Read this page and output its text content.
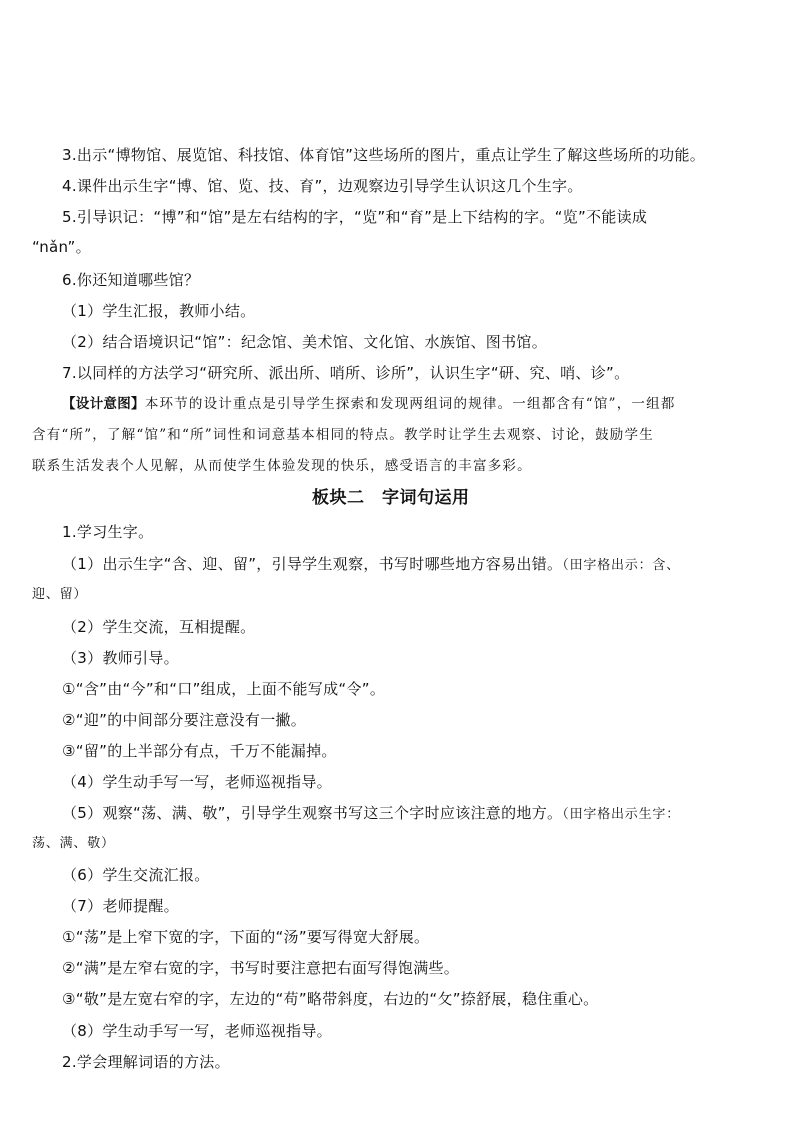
3.出示“博物馆、展览馆、科技馆、体育馆”这些场所的图片，重点让学生了解这些场所的功能。
4.课件出示生字“博、馆、览、技、育”，边观察边引导学生认识这几个生字。
5.引导识记：“博”和“馆”是左右结构的字，“览”和“育”是上下结构的字。“览”不能读成
“nǎn”。
6.你还知道哪些馆？
（1）学生汇报，教师小结。
（2）结合语境识记“馆”：纪念馆、美术馆、文化馆、水族馆、图书馆。
7.以同样的方法学习“研究所、派出所、哨所、诊所”，认识生字“研、究、哨、诊”。
【设计意图】本环节的设计重点是引导学生探索和发现两组词的规律。一组都含有“馆”，一组都
含有“所”，了解“馆”和“所”词性和词意基本相同的特点。教学时让学生去观察、讨论，鼓励学生
联系生活发表个人见解，从而使学生体验发现的快乐，感受语言的丰富多彩。
板块二　字词句运用
1.学习生字。
（1）出示生字“含、迎、留”，引导学生观察，书写时哪些地方容易出错。（田字格出示：含、
迎、留）
（2）学生交流，互相提醒。
（3）教师引导。
①“含”由“今”和“口”组成，上面不能写成“令”。
②“迎”的中间部分要注意没有一撇。
③“留”的上半部分有点，千万不能漏掉。
（4）学生动手写一写，老师巡视指导。
（5）观察“荡、满、敬”，引导学生观察书写这三个字时应该注意的地方。（田字格出示生字：
荡、满、敬）
（6）学生交流汇报。
（7）老师提醒。
①“荡”是上窄下宽的字，下面的“汤”要写得宽大舒展。
②“满”是左窄右宽的字，书写时要注意把右面写得饱满些。
③“敬”是左宽右窄的字，左边的“苟”略带斜度，右边的“攵”捺舒展，稳住重心。
（8）学生动手写一写，老师巡视指导。
2.学会理解词语的方法。
